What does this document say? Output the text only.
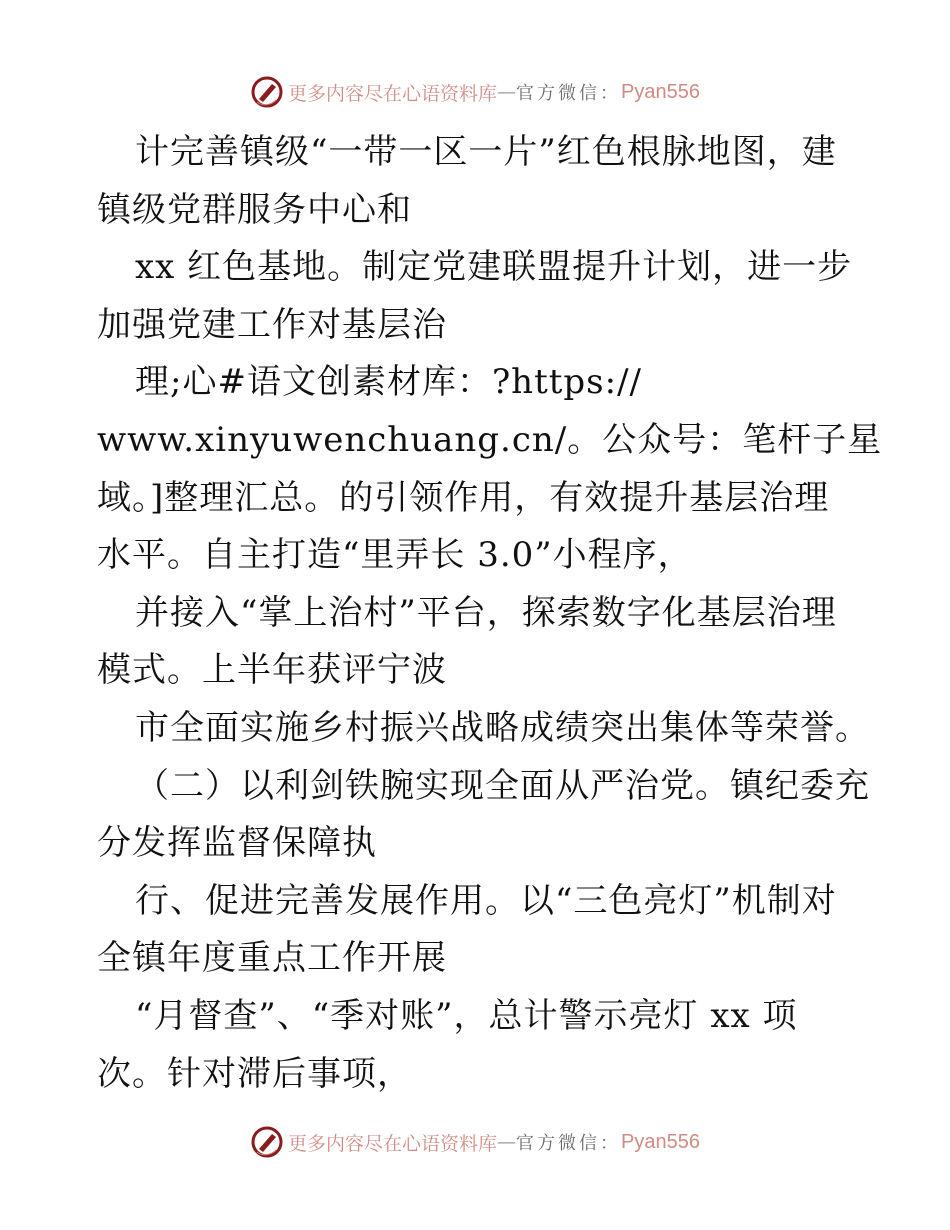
更多内容尽在心语资料库 — 官方微信： Pyan556
计完善镇级“一带一区一片”红色根脉地图，建
镇级党群服务中心和
xx 红色基地。制定党建联盟提升计划，进一步
加强党建工作对基层治
理;心#语文创素材库：?https://
www.xinyuwenchuang.cn/。公众号：笔杆子星
域。]整理汇总。的引领作用，有效提升基层治理
水平。自主打造“里弄长 3.0”小程序，
并接入“掌上治村”平台，探索数字化基层治理
模式。上半年获评宁波
市全面实施乡村振兴战略成绩突出集体等荣誉。
（二）以利剑铁腕实现全面从严治党。镇纪委充
分发挥监督保障执
行、促进完善发展作用。以“三色亮灯”机制对
全镇年度重点工作开展
“月督查”、“季对账”，总计警示亮灯 xx 项
次。针对滞后事项，
更多内容尽在心语资料库 — 官方微信： Pyan556
